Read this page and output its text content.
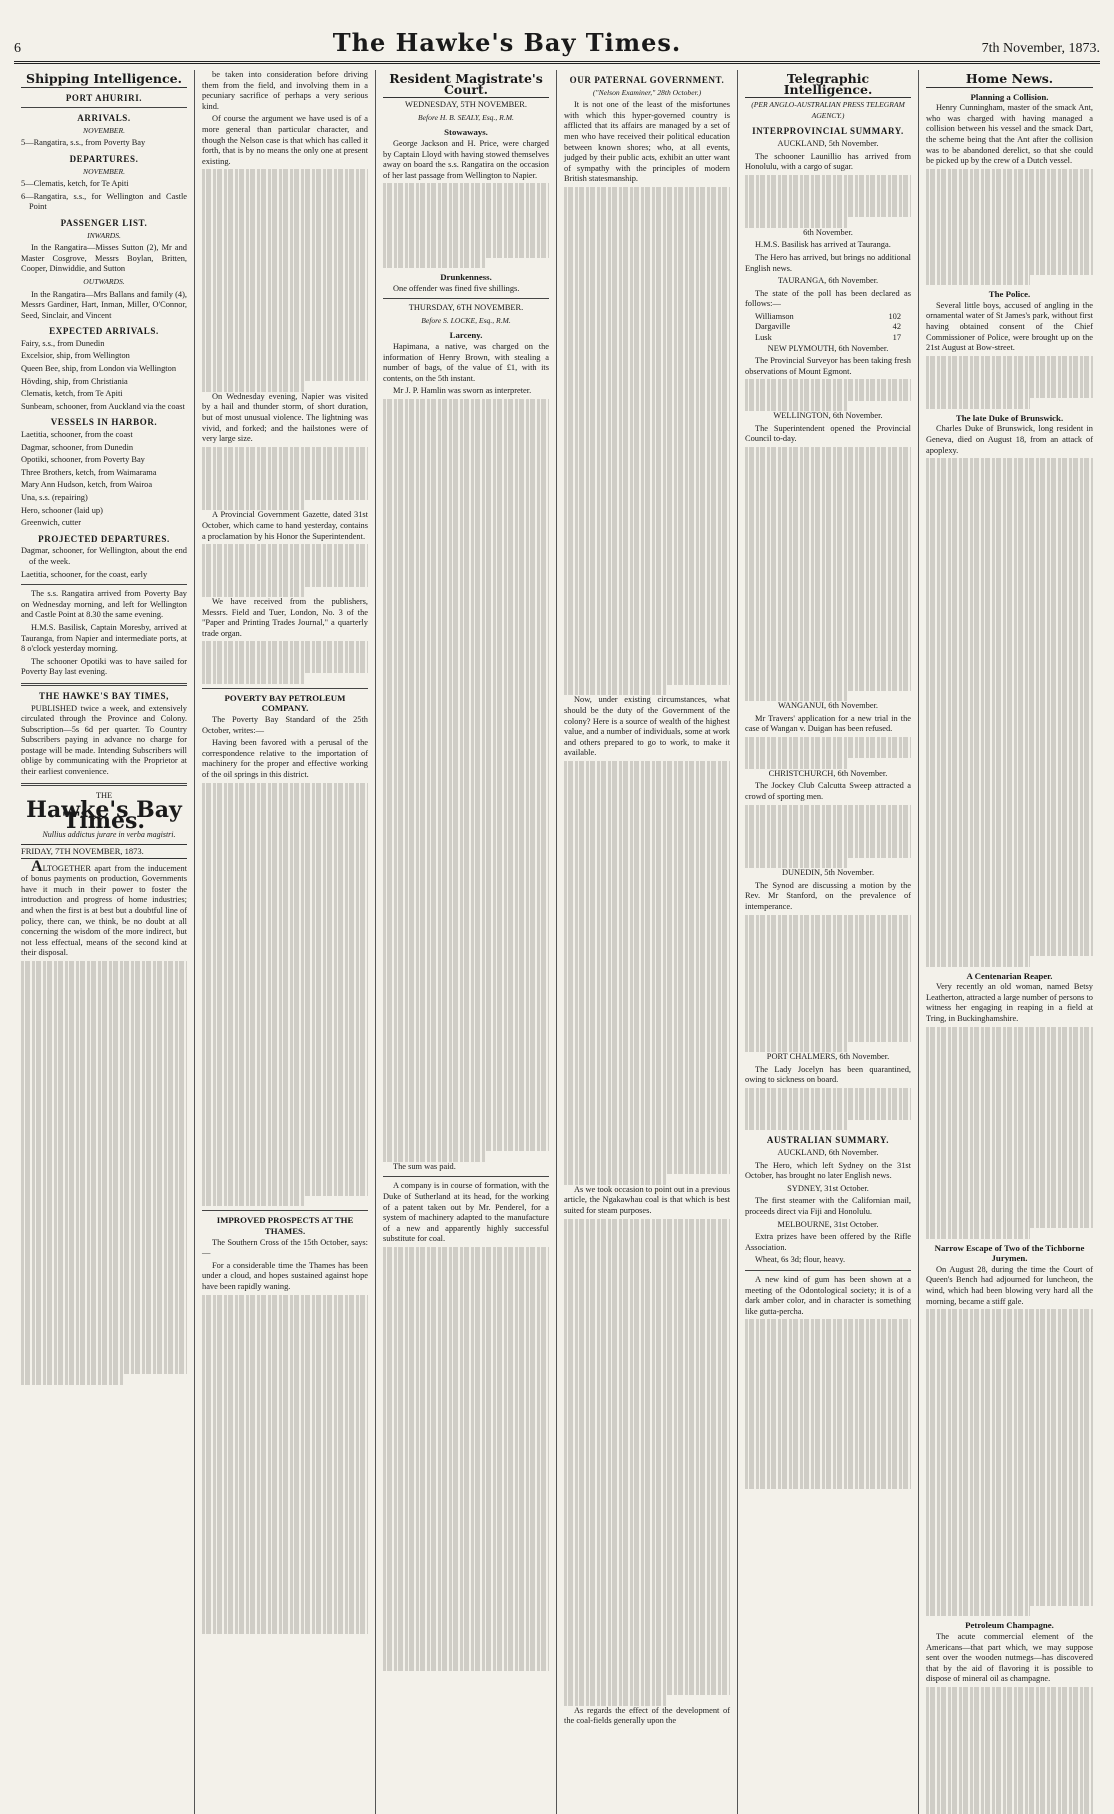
6	The Hawke's Bay Times.	7th November, 1873.
Shipping Intelligence.
PORT AHURIRI.
ARRIVALS.

NOVEMBER.

5—Rangatira, s.s., from Poverty Bay

DEPARTURES.

NOVEMBER.

5—Clematis, ketch, for Te Apiti

6—Rangatira, s.s., for Wellington and Castle Point

PASSENGER LIST.

INWARDS.

In the Rangatira—Misses Sutton (2), Mr and Master Cosgrove, Messrs Boylan, Britten, Cooper, Dinwiddie, and Sutton

OUTWARDS.

In the Rangatira—Mrs Ballans and family (4), Messrs Gardiner, Hart, Inman, Miller, O'Connor, Seed, Sinclair, and Vincent

EXPECTED ARRIVALS.

Fairy, s.s., from Dunedin

Excelsior, ship, from Wellington

Queen Bee, ship, from London via Wellington

Hövding, ship, from Christiania

Clematis, ketch, from Te Apiti

Sunbeam, schooner, from Auckland via the coast

VESSELS IN HARBOR.

Laetitia, schooner, from the coast

Dagmar, schooner, from Dunedin

Opotiki, schooner, from Poverty Bay

Three Brothers, ketch, from Waimarama

Mary Ann Hudson, ketch, from Wairoa

Una, s.s. (repairing)

Hero, schooner (laid up)

Greenwich, cutter

PROJECTED DEPARTURES.

Dagmar, schooner, for Wellington, about the end of the week.

Laetitia, schooner, for the coast, early

The s.s. Rangatira arrived from Poverty Bay on Wednesday morning, and left for Wellington and Castle Point at 8.30 the same evening.

H.M.S. Basilisk, Captain Moresby, arrived at Tauranga, from Napier and intermediate ports, at 8 o'clock yesterday morning.

The schooner Opotiki was to have sailed for Poverty Bay last evening.

THE HAWKE'S BAY TIMES,

PUBLISHED twice a week, and extensively circulated through the Province and Colony. Subscription—5s 6d per quarter. To Country Subscribers paying in advance no charge for postage will be made. Intending Subscribers will oblige by communicating with the Proprietor at their earliest convenience.

THE

Hawke's Bay Times.

Nullius addictus jurare in verba magistri.

FRIDAY, 7TH NOVEMBER, 1873.

ALTOGETHER apart from the inducement of bonus payments on production, Governments have it much in their power to foster the introduction and progress of home industries; and when the first is at best but a doubtful line of policy, there can, we think, be no doubt at all concerning the wisdom of the more indirect, but not less effectual, means of the second kind at their disposal.

be taken into consideration before driving them from the field, and involving them in a pecuniary sacrifice of perhaps a very serious kind.

Of course the argument we have used is of a more general than particular character, and though the Nelson case is that which has called it forth, that is by no means the only one at present existing.

On Wednesday evening, Napier was visited by a hail and thunder storm, of short duration, but of most unusual violence. The lightning was vivid, and forked; and the hailstones were of very large size.

A Provincial Government Gazette, dated 31st October, which came to hand yesterday, contains a proclamation by his Honor the Superintendent.

We have received from the publishers, Messrs. Field and Tuer, London, No. 3 of the "Paper and Printing Trades Journal," a quarterly trade organ.

POVERTY BAY PETROLEUM COMPANY.

The Poverty Bay Standard of the 25th October, writes:—

Having been favored with a perusal of the correspondence relative to the importation of machinery for the proper and effective working of the oil springs in this district.

IMPROVED PROSPECTS AT THE THAMES.

The Southern Cross of the 15th October, says:—

For a considerable time the Thames has been under a cloud, and hopes sustained against hope have been rapidly waning.

Resident Magistrate's Court.

WEDNESDAY, 5TH NOVEMBER.

Before H. B. SEALY, Esq., R.M.

Stowaways.

George Jackson and H. Price, were charged by Captain Lloyd with having stowed themselves away on board the s.s. Rangatira on the occasion of her last passage from Wellington to Napier.

Drunkenness.

One offender was fined five shillings.

THURSDAY, 6TH NOVEMBER.

Before S. LOCKE, Esq., R.M.

Larceny.

Hapimana, a native, was charged on the information of Henry Brown, with stealing a number of bags, of the value of £1, with its contents, on the 5th instant.

Mr J. P. Hamlin was sworn as interpreter.

The sum was paid.

A company is in course of formation, with the Duke of Sutherland at its head, for the working of a patent taken out by Mr. Penderel, for a system of machinery adapted to the manufacture of a new and apparently highly successful substitute for coal.

OUR PATERNAL GOVERNMENT.

("Nelson Examiner," 28th October.)

It is not one of the least of the misfortunes with which this hyper-governed country is afflicted that its affairs are managed by a set of men who have received their political education between known shores; who, at all events, judged by their public acts, exhibit an utter want of sympathy with the principles of modern British statesmanship.

Now, under existing circumstances, what should be the duty of the Government of the colony? Here is a source of wealth of the highest value, and a number of individuals, some at work and others prepared to go to work, to make it available.

As we took occasion to point out in a previous article, the Ngakawhau coal is that which is best suited for steam purposes.

As regards the effect of the development of the coal-fields generally upon the

Telegraphic Intelligence.

(PER ANGLO-AUSTRALIAN PRESS TELEGRAM AGENCY.)

INTERPROVINCIAL SUMMARY.

AUCKLAND, 5th November.

The schooner Launillio has arrived from Honolulu, with a cargo of sugar.

6th November.

H.M.S. Basilisk has arrived at Tauranga.

The Hero has arrived, but brings no additional English news.

TAURANGA, 6th November.

The state of the poll has been declared as follows:—

Williamson	102
Dargaville	42
Lusk	17

NEW PLYMOUTH, 6th November.

The Provincial Surveyor has been taking fresh observations of Mount Egmont.

WELLINGTON, 6th November.

The Superintendent opened the Provincial Council to-day.

WANGANUI, 6th November.

Mr Travers' application for a new trial in the case of Wangan v. Duigan has been refused.

CHRISTCHURCH, 6th November.

The Jockey Club Calcutta Sweep attracted a crowd of sporting men.

DUNEDIN, 5th November.

The Synod are discussing a motion by the Rev. Mr Stanford, on the prevalence of intemperance.

PORT CHALMERS, 6th November.

The Lady Jocelyn has been quarantined, owing to sickness on board.

AUSTRALIAN SUMMARY.

AUCKLAND, 6th November.

The Hero, which left Sydney on the 31st October, has brought no later English news.

SYDNEY, 31st October.

The first steamer with the Californian mail, proceeds direct via Fiji and Honolulu.

MELBOURNE, 31st October.

Extra prizes have been offered by the Rifle Association.

Wheat, 6s 3d; flour, heavy.

A new kind of gum has been shown at a meeting of the Odontological society; it is of a dark amber color, and in character is something like gutta-percha.

Home News.
Planning a Collision.

Henry Cunningham, master of the smack Ant, who was charged with having managed a collision between his vessel and the smack Dart, the scheme being that the Ant after the collision was to be abandoned derelict, so that she could be picked up by the crew of a Dutch vessel.

The Police.

Several little boys, accused of angling in the ornamental water of St James's park, without first having obtained consent of the Chief Commissioner of Police, were brought up on the 21st August at Bow-street.

The late Duke of Brunswick.

Charles Duke of Brunswick, long resident in Geneva, died on August 18, from an attack of apoplexy.

A Centenarian Reaper.

Very recently an old woman, named Betsy Leatherton, attracted a large number of persons to witness her engaging in reaping in a field at Tring, in Buckinghamshire.

Narrow Escape of Two of the Tichborne Jurymen.

On August 28, during the time the Court of Queen's Bench had adjourned for luncheon, the wind, which had been blowing very hard all the morning, became a stiff gale.

Petroleum Champagne.

The acute commercial element of the Americans—that part which, we may suppose sent over the wooden nutmegs—has discovered that by the aid of flavoring it is possible to dispose of mineral oil as champagne.
